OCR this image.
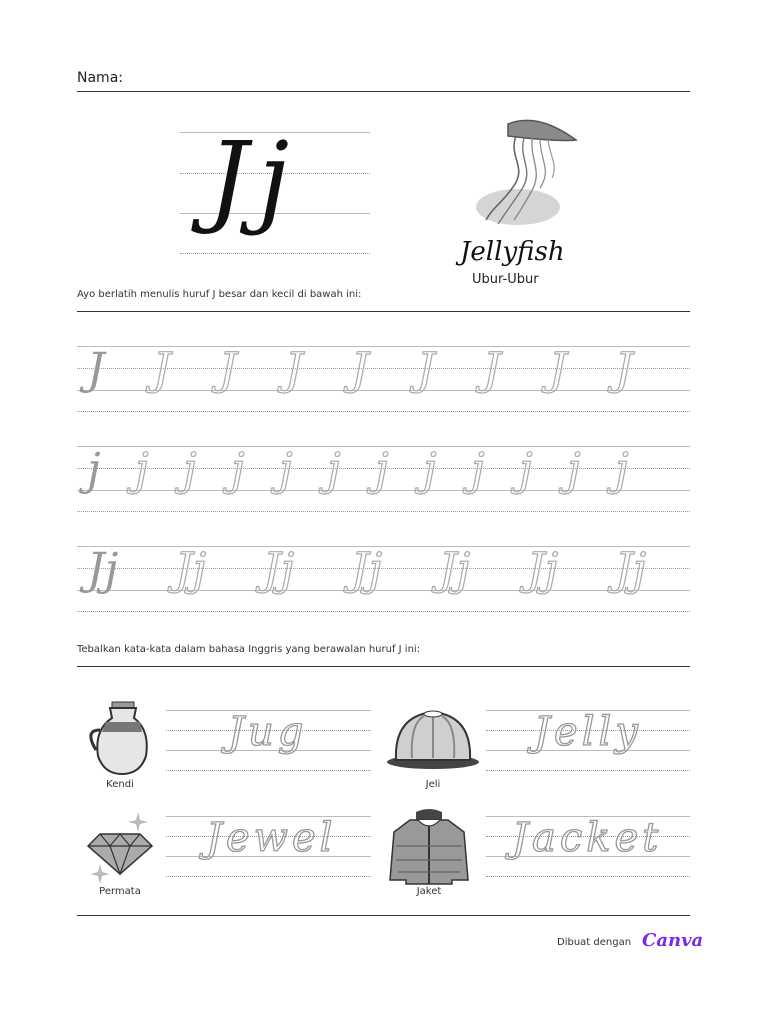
Nama:
Jj
Jellyfish
Ubur-Ubur
Ayo berlatih menulis huruf J besar dan kecil di bawah ini:
J J J J J J J J J
j j j j j j j j j j j j
Jj Jj Jj Jj Jj Jj Jj
Tebalkan kata-kata dalam bahasa Inggris yang berawalan huruf J ini:
Kendi
Jug
Jeli
Jelly
Permata
Jewel
Jaket
Jacket
Dibuat dengan Canva
